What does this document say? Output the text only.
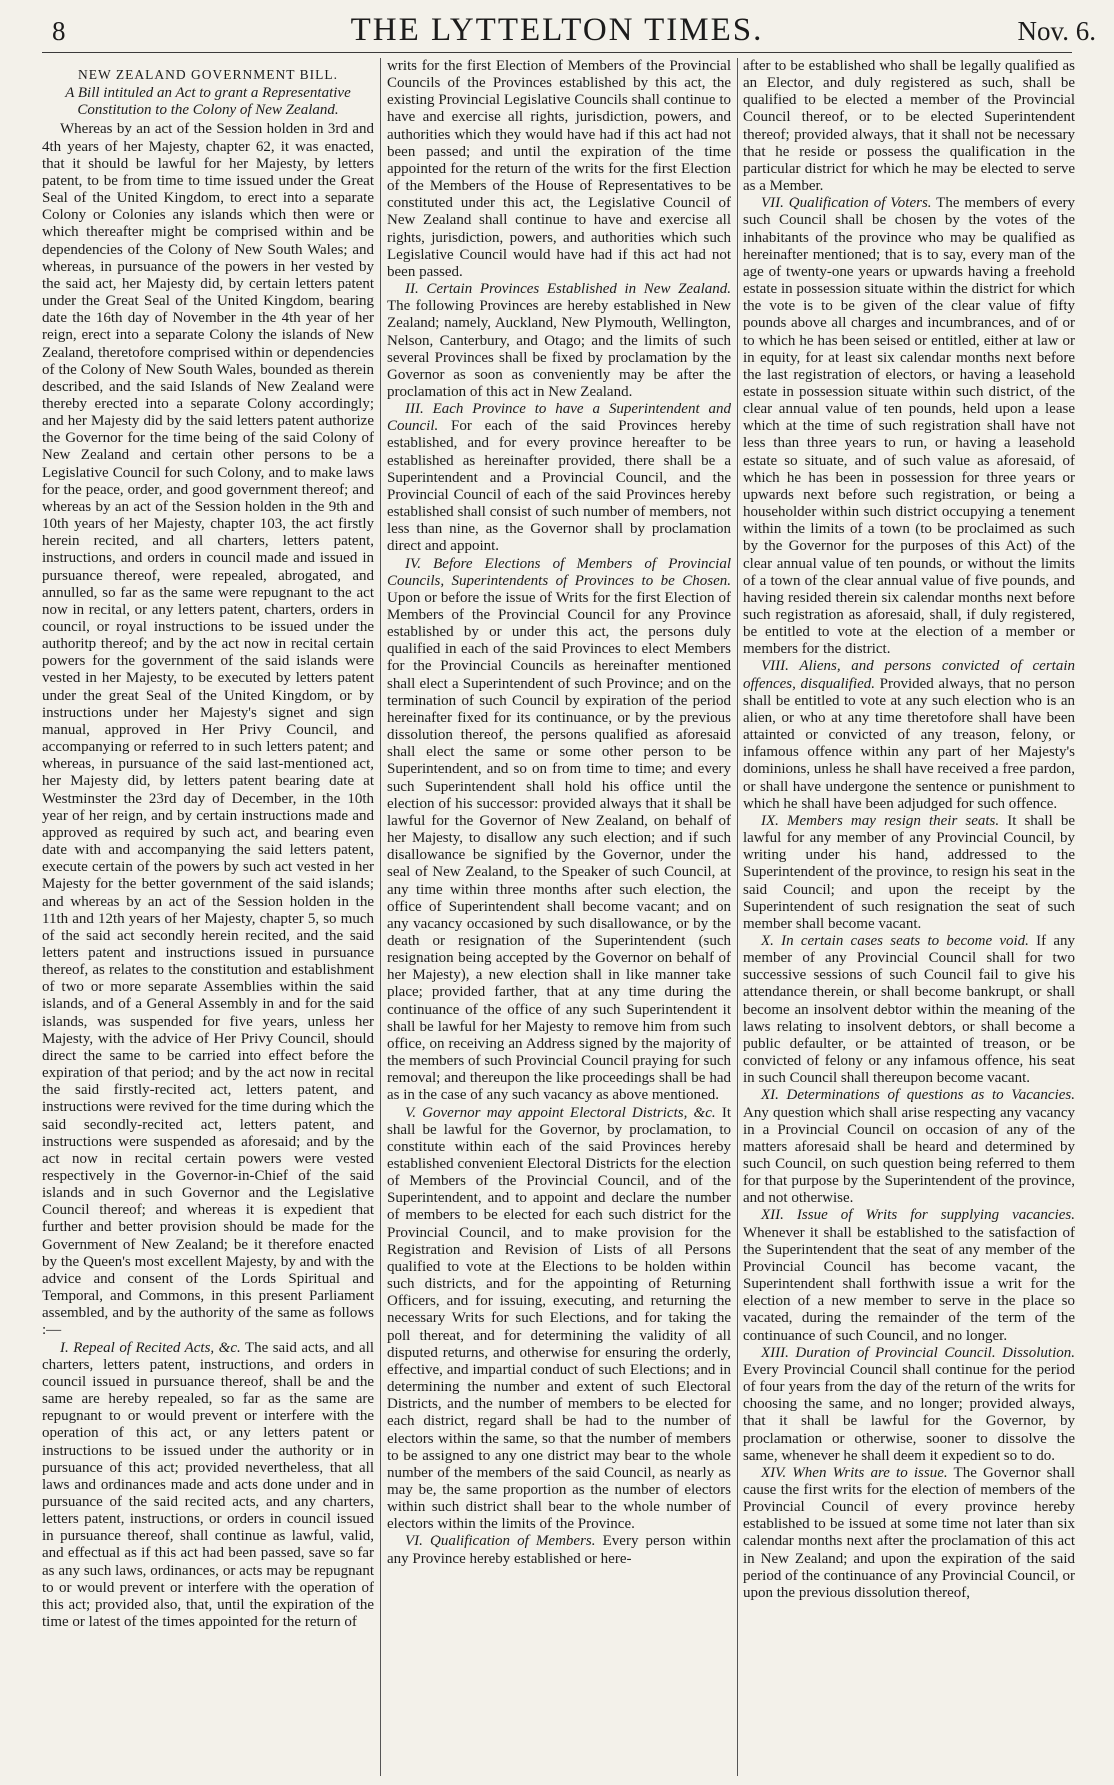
8	THE LYTTELTON TIMES.	Nov. 6.
NEW ZEALAND GOVERNMENT BILL.
A Bill intituled an Act to grant a Representative Constitution to the Colony of New Zealand.

Whereas by an act of the Session holden in 3rd and 4th years of her Majesty, chapter 62, it was enacted, that it should be lawful for her Majesty, by letters patent, to be from time to time issued under the Great Seal of the United Kingdom, to erect into a separate Colony or Colonies any islands which then were or which thereafter might be comprised within and be dependencies of the Colony of New South Wales; and whereas, in pursuance of the powers in her vested by the said act, her Majesty did, by certain letters patent under the Great Seal of the United Kingdom, bearing date the 16th day of November in the 4th year of her reign, erect into a separate Colony the islands of New Zealand, theretofore comprised within or dependencies of the Colony of New South Wales, bounded as therein described, and the said Islands of New Zealand were thereby erected into a separate Colony accordingly; and her Majesty did by the said letters patent authorize the Governor for the time being of the said Colony of New Zealand and certain other persons to be a Legislative Council for such Colony, and to make laws for the peace, order, and good government thereof; and whereas by an act of the Session holden in the 9th and 10th years of her Majesty, chapter 103, the act firstly herein recited, and all charters, letters patent, instructions, and orders in council made and issued in pursuance thereof, were repealed, abrogated, and annulled, so far as the same were repugnant to the act now in recital, or any letters patent, charters, orders in council, or royal instructions to be issued under the authoritp thereof; and by the act now in recital certain powers for the government of the said islands were vested in her Majesty, to be executed by letters patent under the great Seal of the United Kingdom, or by instructions under her Majesty's signet and sign manual, approved in Her Privy Council, and accompanying or referred to in such letters patent; and whereas, in pursuance of the said last-mentioned act, her Majesty did, by letters patent bearing date at Westminster the 23rd day of December, in the 10th year of her reign, and by certain instructions made and approved as required by such act, and bearing even date with and accompanying the said letters patent, execute certain of the powers by such act vested in her Majesty for the better government of the said islands; and whereas by an act of the Session holden in the 11th and 12th years of her Majesty, chapter 5, so much of the said act secondly herein recited, and the said letters patent and instructions issued in pursuance thereof, as relates to the constitution and establishment of two or more separate Assemblies within the said islands, and of a General Assembly in and for the said islands, was suspended for five years, unless her Majesty, with the advice of Her Privy Council, should direct the same to be carried into effect before the expiration of that period; and by the act now in recital the said firstly-recited act, letters patent, and instructions were revived for the time during which the said secondly-recited act, letters patent, and instructions were suspended as aforesaid; and by the act now in recital certain powers were vested respectively in the Governor-in-Chief of the said islands and in such Governor and the Legislative Council thereof; and whereas it is expedient that further and better provision should be made for the Government of New Zealand; be it therefore enacted by the Queen's most excellent Majesty, by and with the advice and consent of the Lords Spiritual and Temporal, and Commons, in this present Parliament assembled, and by the authority of the same as follows :—

I. Repeal of Recited Acts, &c. The said acts, and all charters, letters patent, instructions, and orders in council issued in pursuance thereof, shall be and the same are hereby repealed, so far as the same are repugnant to or would prevent or interfere with the operation of this act, or any letters patent or instructions to be issued under the authority or in pursuance of this act; provided nevertheless, that all laws and ordinances made and acts done under and in pursuance of the said recited acts, and any charters, letters patent, instructions, or orders in council issued in pursuance thereof, shall continue as lawful, valid, and effectual as if this act had been passed, save so far as any such laws, ordinances, or acts may be repugnant to or would prevent or interfere with the operation of this act; provided also, that, until the expiration of the time or latest of the times appointed for the return of

writs for the first Election of Members of the Provincial Councils of the Provinces established by this act, the existing Provincial Legislative Councils shall continue to have and exercise all rights, jurisdiction, powers, and authorities which they would have had if this act had not been passed; and until the expiration of the time appointed for the return of the writs for the first Election of the Members of the House of Representatives to be constituted under this act, the Legislative Council of New Zealand shall continue to have and exercise all rights, jurisdiction, powers, and authorities which such Legislative Council would have had if this act had not been passed.

II. Certain Provinces Established in New Zealand. The following Provinces are hereby established in New Zealand; namely, Auckland, New Plymouth, Wellington, Nelson, Canterbury, and Otago; and the limits of such several Provinces shall be fixed by proclamation by the Governor as soon as conveniently may be after the proclamation of this act in New Zealand.

III. Each Province to have a Superintendent and Council. For each of the said Provinces hereby established, and for every province hereafter to be established as hereinafter provided, there shall be a Superintendent and a Provincial Council, and the Provincial Council of each of the said Provinces hereby established shall consist of such number of members, not less than nine, as the Governor shall by proclamation direct and appoint.

IV. Before Elections of Members of Provincial Councils, Superintendents of Provinces to be Chosen. Upon or before the issue of Writs for the first Election of Members of the Provincial Council for any Province established by or under this act, the persons duly qualified in each of the said Provinces to elect Members for the Provincial Councils as hereinafter mentioned shall elect a Superintendent of such Province; and on the termination of such Council by expiration of the period hereinafter fixed for its continuance, or by the previous dissolution thereof, the persons qualified as aforesaid shall elect the same or some other person to be Superintendent, and so on from time to time; and every such Superintendent shall hold his office until the election of his successor: provided always that it shall be lawful for the Governor of New Zealand, on behalf of her Majesty, to disallow any such election; and if such disallowance be signified by the Governor, under the seal of New Zealand, to the Speaker of such Council, at any time within three months after such election, the office of Superintendent shall become vacant; and on any vacancy occasioned by such disallowance, or by the death or resignation of the Superintendent (such resignation being accepted by the Governor on behalf of her Majesty), a new election shall in like manner take place; provided farther, that at any time during the continuance of the office of any such Superintendent it shall be lawful for her Majesty to remove him from such office, on receiving an Address signed by the majority of the members of such Provincial Council praying for such removal; and thereupon the like proceedings shall be had as in the case of any such vacancy as above mentioned.

V. Governor may appoint Electoral Districts, &c. It shall be lawful for the Governor, by proclamation, to constitute within each of the said Provinces hereby established convenient Electoral Districts for the election of Members of the Provincial Council, and of the Superintendent, and to appoint and declare the number of members to be elected for each such district for the Provincial Council, and to make provision for the Registration and Revision of Lists of all Persons qualified to vote at the Elections to be holden within such districts, and for the appointing of Returning Officers, and for issuing, executing, and returning the necessary Writs for such Elections, and for taking the poll thereat, and for determining the validity of all disputed returns, and otherwise for ensuring the orderly, effective, and impartial conduct of such Elections; and in determining the number and extent of such Electoral Districts, and the number of members to be elected for each district, regard shall be had to the number of electors within the same, so that the number of members to be assigned to any one district may bear to the whole number of the members of the said Council, as nearly as may be, the same proportion as the number of electors within such district shall bear to the whole number of electors within the limits of the Province.

VI. Qualification of Members. Every person within any Province hereby established or here-

after to be established who shall be legally qualified as an Elector, and duly registered as such, shall be qualified to be elected a member of the Provincial Council thereof, or to be elected Superintendent thereof; provided always, that it shall not be necessary that he reside or possess the qualification in the particular district for which he may be elected to serve as a Member.

VII. Qualification of Voters. The members of every such Council shall be chosen by the votes of the inhabitants of the province who may be qualified as hereinafter mentioned; that is to say, every man of the age of twenty-one years or upwards having a freehold estate in possession situate within the district for which the vote is to be given of the clear value of fifty pounds above all charges and incumbrances, and of or to which he has been seised or entitled, either at law or in equity, for at least six calendar months next before the last registration of electors, or having a leasehold estate in possession situate within such district, of the clear annual value of ten pounds, held upon a lease which at the time of such registration shall have not less than three years to run, or having a leasehold estate so situate, and of such value as aforesaid, of which he has been in possession for three years or upwards next before such registration, or being a householder within such district occupying a tenement within the limits of a town (to be proclaimed as such by the Governor for the purposes of this Act) of the clear annual value of ten pounds, or without the limits of a town of the clear annual value of five pounds, and having resided therein six calendar months next before such registration as aforesaid, shall, if duly registered, be entitled to vote at the election of a member or members for the district.

VIII. Aliens, and persons convicted of certain offences, disqualified. Provided always, that no person shall be entitled to vote at any such election who is an alien, or who at any time theretofore shall have been attainted or convicted of any treason, felony, or infamous offence within any part of her Majesty's dominions, unless he shall have received a free pardon, or shall have undergone the sentence or punishment to which he shall have been adjudged for such offence.

IX. Members may resign their seats. It shall be lawful for any member of any Provincial Council, by writing under his hand, addressed to the Superintendent of the province, to resign his seat in the said Council; and upon the receipt by the Superintendent of such resignation the seat of such member shall become vacant.

X. In certain cases seats to become void. If any member of any Provincial Council shall for two successive sessions of such Council fail to give his attendance therein, or shall become bankrupt, or shall become an insolvent debtor within the meaning of the laws relating to insolvent debtors, or shall become a public defaulter, or be attainted of treason, or be convicted of felony or any infamous offence, his seat in such Council shall thereupon become vacant.

XI. Determinations of questions as to Vacancies. Any question which shall arise respecting any vacancy in a Provincial Council on occasion of any of the matters aforesaid shall be heard and determined by such Council, on such question being referred to them for that purpose by the Superintendent of the province, and not otherwise.

XII. Issue of Writs for supplying vacancies. Whenever it shall be established to the satisfaction of the Superintendent that the seat of any member of the Provincial Council has become vacant, the Superintendent shall forthwith issue a writ for the election of a new member to serve in the place so vacated, during the remainder of the term of the continuance of such Council, and no longer.

XIII. Duration of Provincial Council. Dissolution. Every Provincial Council shall continue for the period of four years from the day of the return of the writs for choosing the same, and no longer; provided always, that it shall be lawful for the Governor, by proclamation or otherwise, sooner to dissolve the same, whenever he shall deem it expedient so to do.

XIV. When Writs are to issue. The Governor shall cause the first writs for the election of members of the Provincial Council of every province hereby established to be issued at some time not later than six calendar months next after the proclamation of this act in New Zealand; and upon the expiration of the said period of the continuance of any Provincial Council, or upon the previous dissolution thereof,
